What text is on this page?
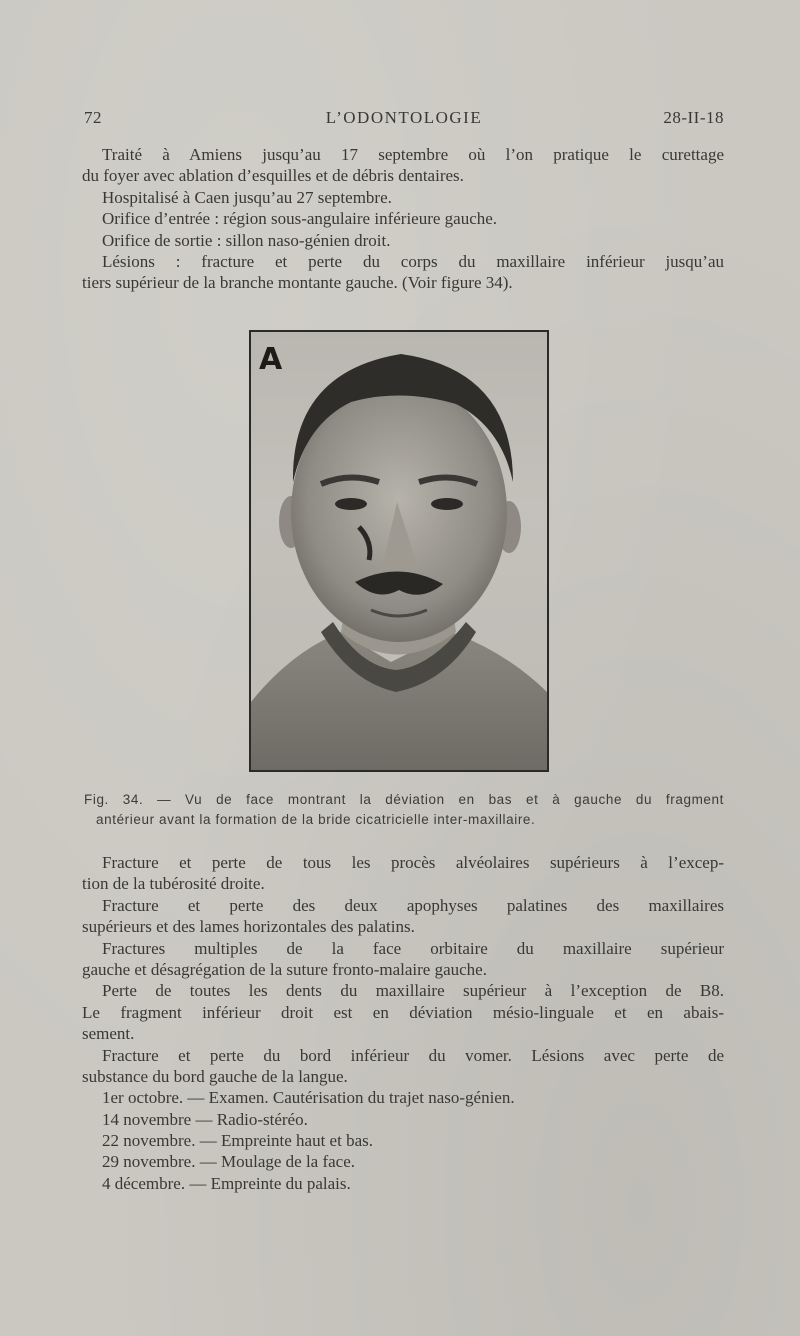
72	L’ODONTOLOGIE	28-II-18
Traité à Amiens jusqu’au 17 septembre où l’on pratique le curettage
du foyer avec ablation d’esquilles et de débris dentaires.
Hospitalisé à Caen jusqu’au 27 septembre.
Orifice d’entrée : région sous-angulaire inférieure gauche.
Orifice de sortie : sillon naso-génien droit.
Lésions : fracture et perte du corps du maxillaire inférieur jusqu’au
tiers supérieur de la branche montante gauche. (Voir figure 34).
A
Fig. 34. — Vu de face montrant la déviation en bas et à gauche du fragment
antérieur avant la formation de la bride cicatricielle inter-maxillaire.
Fracture et perte de tous les procès alvéolaires supérieurs à l’excep-
tion de la tubérosité droite.
Fracture et perte des deux apophyses palatines des maxillaires
supérieurs et des lames horizontales des palatins.
Fractures multiples de la face orbitaire du maxillaire supérieur
gauche et désagrégation de la suture fronto-malaire gauche.
Perte de toutes les dents du maxillaire supérieur à l’exception de B8.
Le fragment inférieur droit est en déviation mésio-linguale et en abais-
sement.
Fracture et perte du bord inférieur du vomer. Lésions avec perte de
substance du bord gauche de la langue.
1er octobre. — Examen. Cautérisation du trajet naso-génien.
14 novembre — Radio-stéréo.
22 novembre. — Empreinte haut et bas.
29 novembre. — Moulage de la face.
4 décembre. — Empreinte du palais.
